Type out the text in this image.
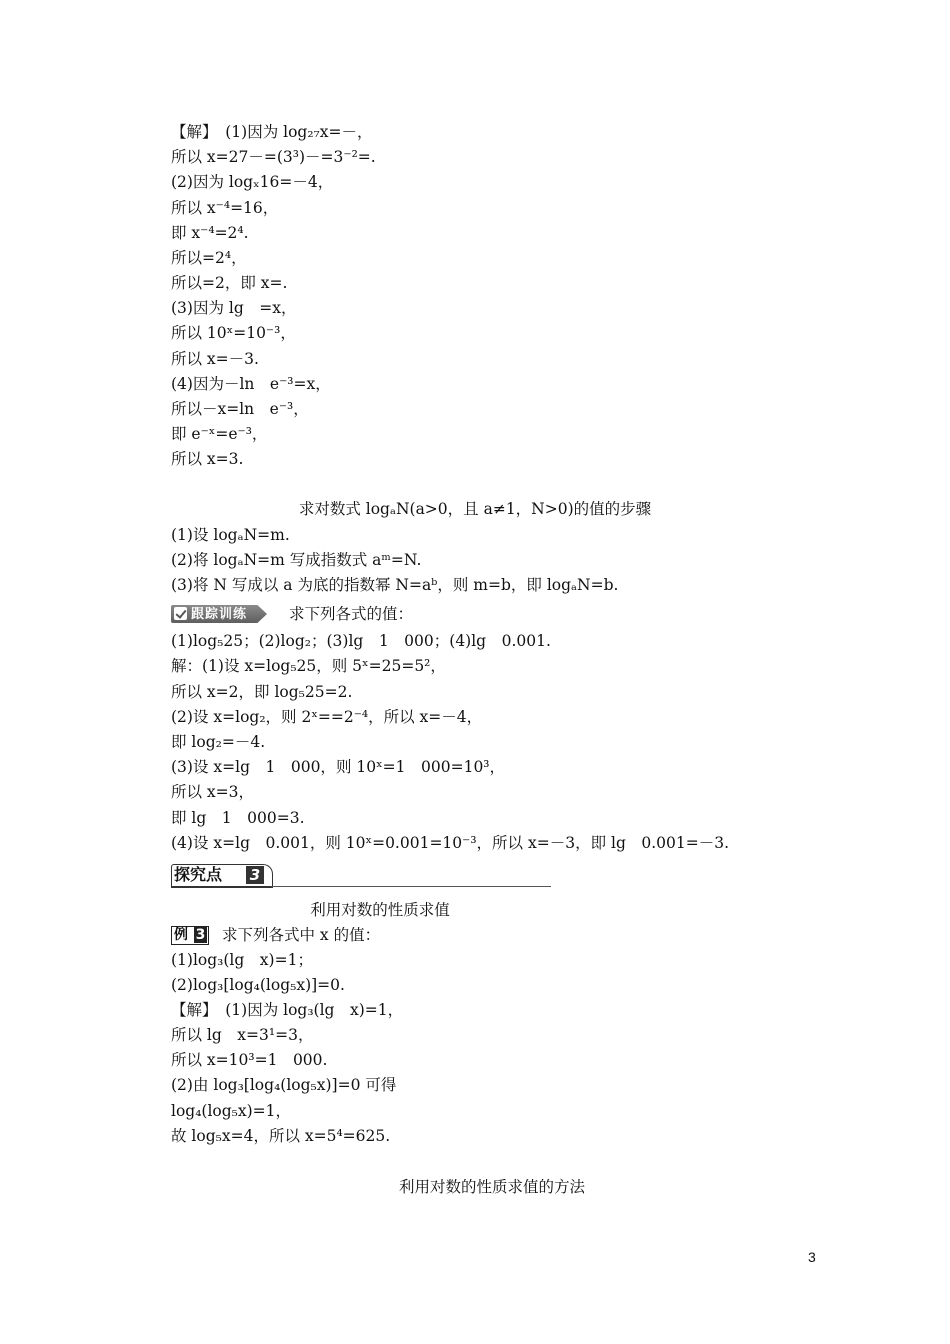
【解】　(1)因为 log₂₇x=－，
所以 x=27－=(3³)－=3⁻²=.
(2)因为 logₓ16=－4，
所以 x⁻⁴=16，
即 x⁻⁴=2⁴.
所以=2⁴，
所以=2，即 x=.
(3)因为 lg　=x，
所以 10ˣ=10⁻³，
所以 x=－3.
(4)因为－ln　e⁻³=x，
所以－x=ln　e⁻³，
即 e⁻ˣ=e⁻³，
所以 x=3.
求对数式 logₐN(a>0，且 a≠1，N>0)的值的步骤
(1)设 logₐN=m.
(2)将 logₐN=m 写成指数式 aᵐ=N.
(3)将 N 写成以 a 为底的指数幂 N=aᵇ，则 m=b，即 logₐN=b.
跟踪训练	求下列各式的值：
(1)log₅25；(2)log₂；(3)lg　1　000；(4)lg　0.001.
解：(1)设 x=log₅25，则 5ˣ=25=5²，
所以 x=2，即 log₅25=2.
(2)设 x=log₂，则 2ˣ==2⁻⁴，所以 x=－4，
即 log₂=－4.
(3)设 x=lg　1　000，则 10ˣ=1　000=10³，
所以 x=3，
即 lg　1　000=3.
(4)设 x=lg　0.001，则 10ˣ=0.001=10⁻³，所以 x=－3，即 lg　0.001=－3.
探究点 3
利用对数的性质求值
例 3 求下列各式中 x 的值：
(1)log₃(lg　x)=1；
(2)log₃[log₄(log₅x)]=0.
【解】　(1)因为 log₃(lg　x)=1，
所以 lg　x=3¹=3，
所以 x=10³=1　000.
(2)由 log₃[log₄(log₅x)]=0 可得
log₄(log₅x)=1，
故 log₅x=4，所以 x=5⁴=625.
利用对数的性质求值的方法
3
